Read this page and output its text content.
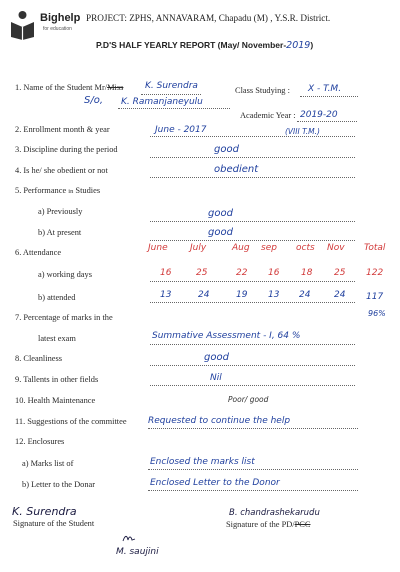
Bighelp
for education
PROJECT: ZPHS, ANNAVARAM, Chapadu (M) , Y.S.R. District.
P.D'S HALF YEARLY REPORT (May/ November-2019)
1. Name of the Student Mr/Miss K. Surendra	Class Studying : X - T.M.
S/o, K. Ramanjaneyulu
Academic Year : 2019-20
2. Enrollment month & year	June - 2017	(VIII T.M.)
3. Discipline during the period	good
4. Is he/ she obedient or not	obedient
5. Performance in Studies
a) Previously	good
b) At present	good
6. Attendance	June July	Aug sep octs Nov Total
a) working days	16	25	22 16 18 25 122
b) attended	13	24	19 13 24	24 117
7. Percentage of marks in the	96%
latest exam	Summative Assessment - I, 64 %
8. Cleanliness	good
9. Tallents in other fields	Nil
10. Health Maintenance	Poor/ good
11. Suggestions of the committee Requested to continue the help
12. Enclosures
a) Marks list of	Enclosed the marks list
b) Letter to the Donar	Enclosed Letter to the Donor
K. Surendra
Signature of the Student
B. chandrashekarudu
Signature of the PD/PCC
M. saujini
